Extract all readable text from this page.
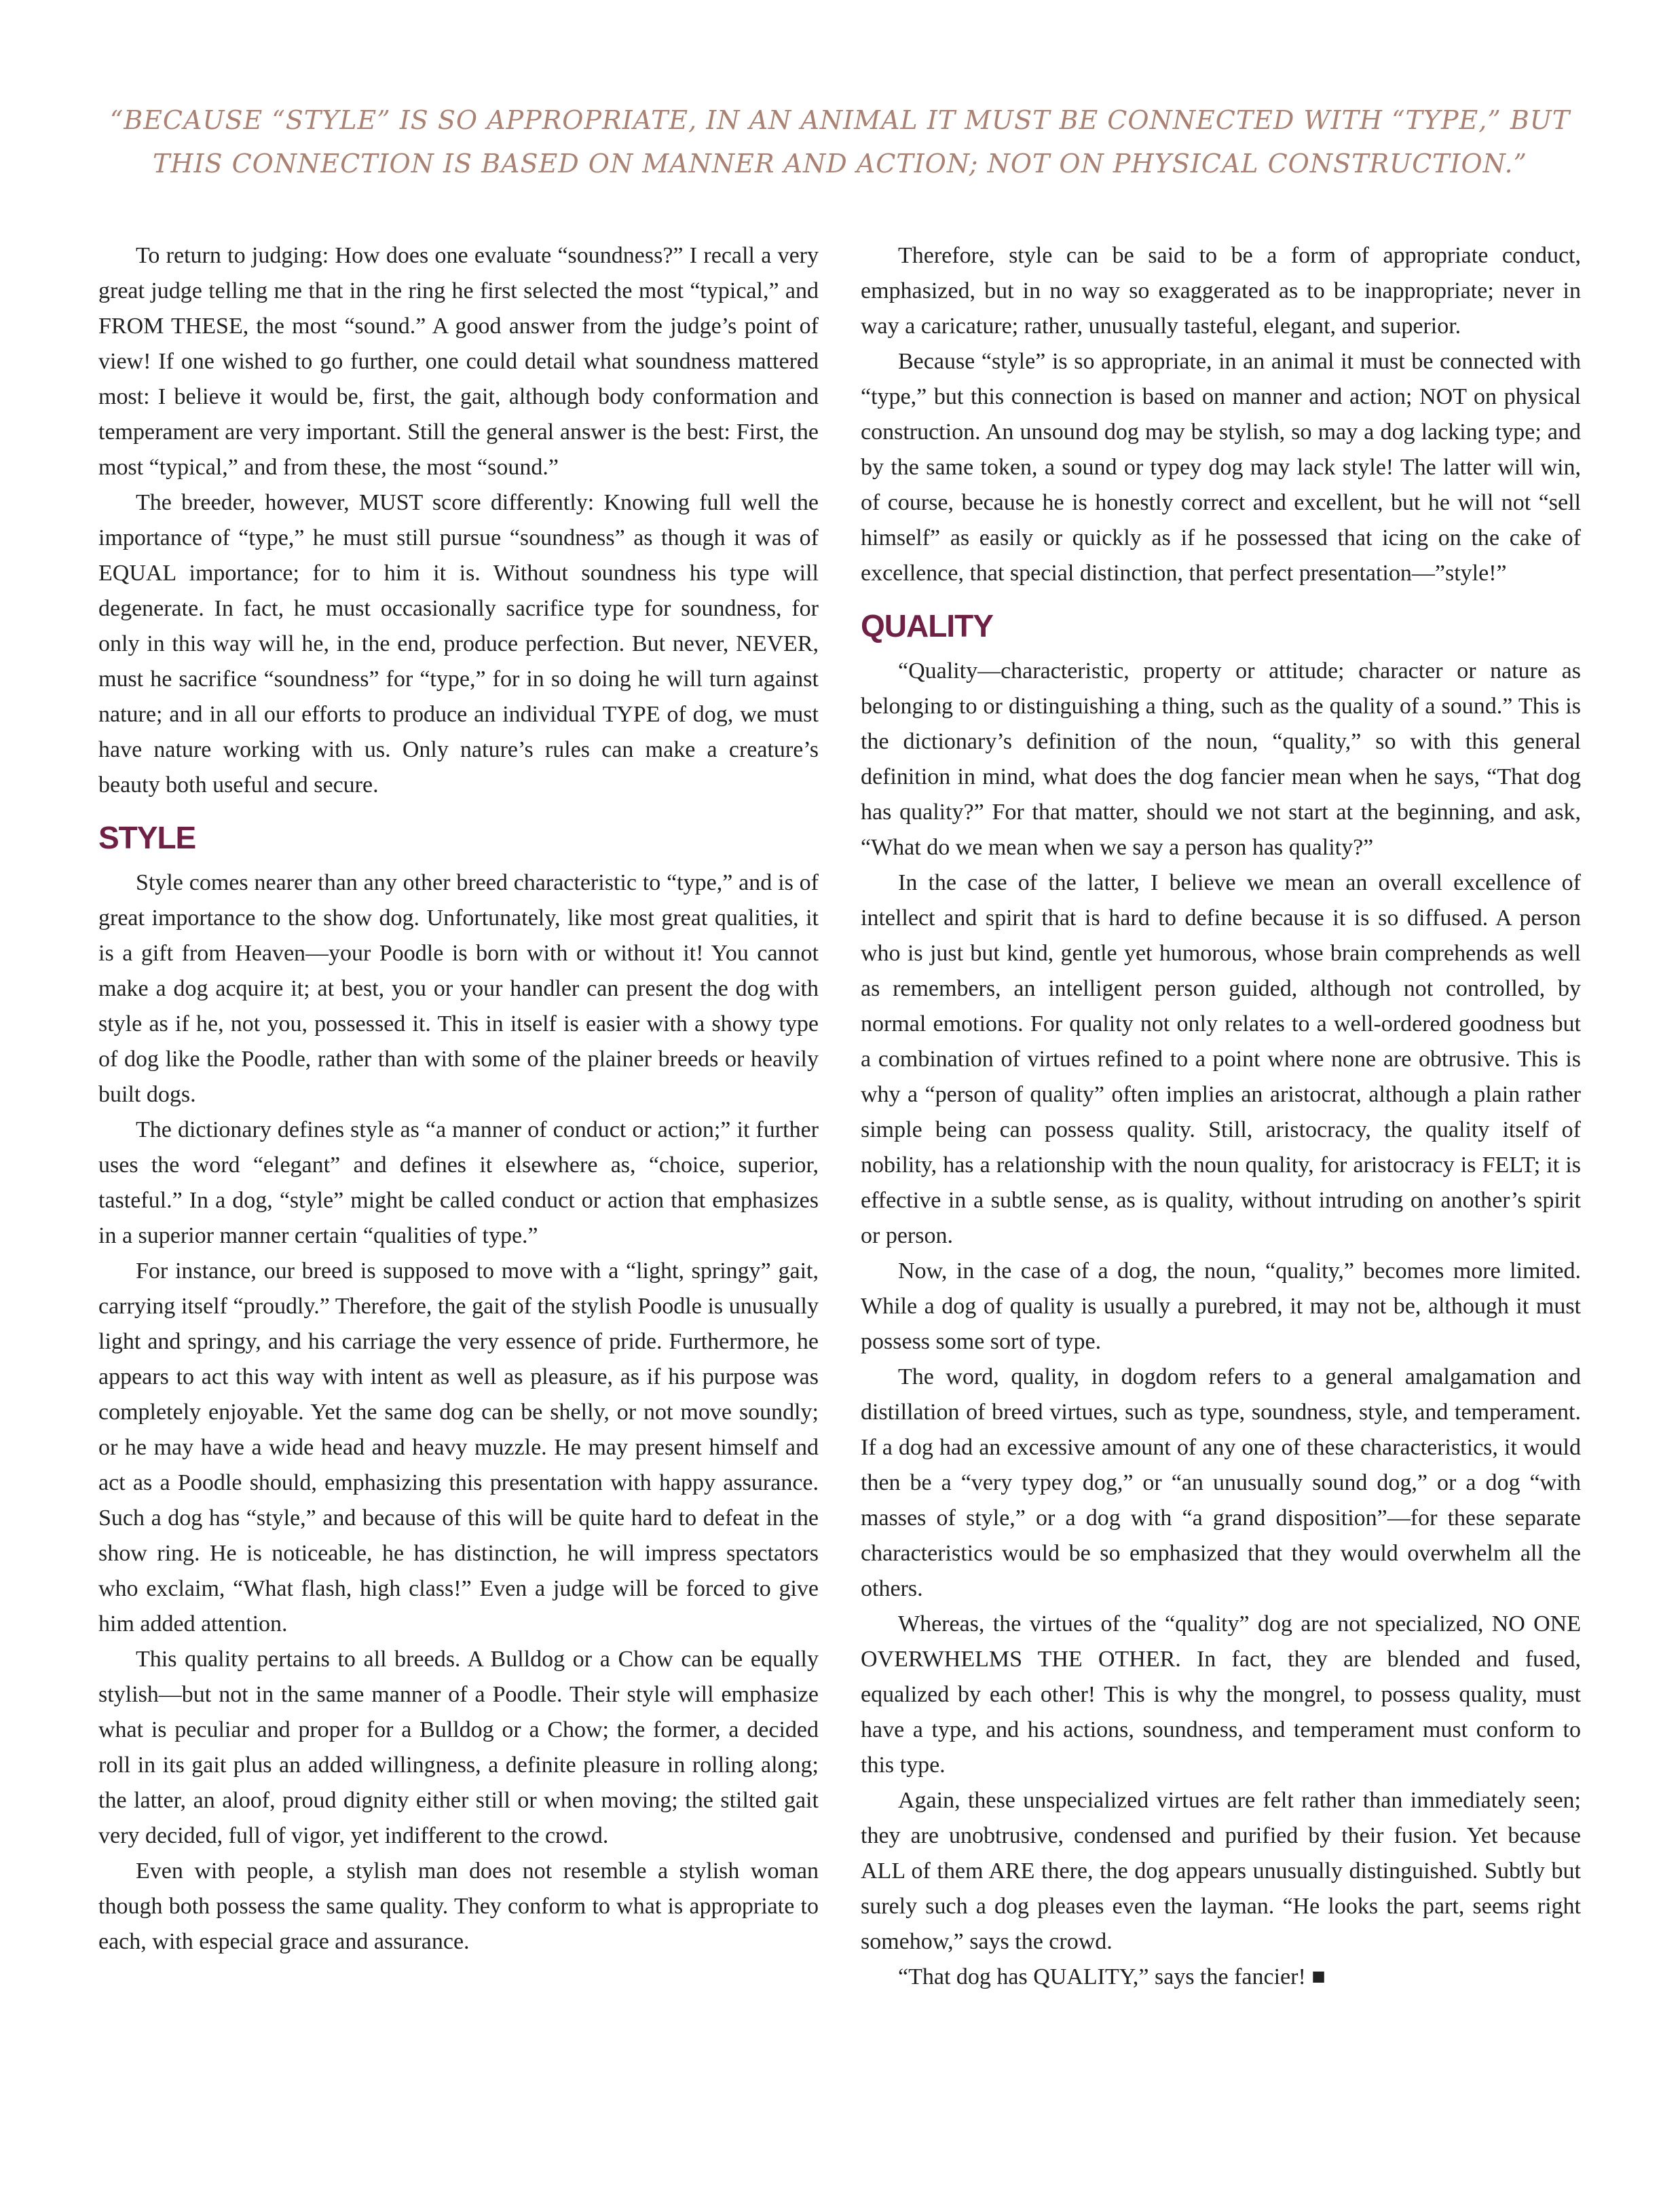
“BECAUSE “STYLE” IS SO APPROPRIATE, IN AN ANIMAL IT MUST BE CONNECTED WITH “TYPE,” BUT
THIS CONNECTION IS BASED ON MANNER AND ACTION; NOT ON PHYSICAL CONSTRUCTION.”

To return to judging: How does one evaluate “soundness?” I recall a very great judge telling me that in the ring he first selected the most “typical,” and FROM THESE, the most “sound.” A good answer from the judge’s point of view! If one wished to go further, one could detail what soundness mattered most: I believe it would be, first, the gait, although body conformation and temperament are very important. Still the general answer is the best: First, the most “typical,” and from these, the most “sound.”

The breeder, however, MUST score differently: Knowing full well the importance of “type,” he must still pursue “soundness” as though it was of EQUAL importance; for to him it is. Without soundness his type will degenerate. In fact, he must occasionally sacrifice type for soundness, for only in this way will he, in the end, produce perfection. But never, NEVER, must he sacrifice “soundness” for “type,” for in so doing he will turn against nature; and in all our efforts to produce an individual TYPE of dog, we must have nature working with us. Only nature’s rules can make a creature’s beauty both useful and secure.

STYLE

Style comes nearer than any other breed characteristic to “type,” and is of great importance to the show dog. Unfortunately, like most great qualities, it is a gift from Heaven—your Poodle is born with or without it! You cannot make a dog acquire it; at best, you or your handler can present the dog with style as if he, not you, possessed it. This in itself is easier with a showy type of dog like the Poodle, rather than with some of the plainer breeds or heavily built dogs.

The dictionary defines style as “a manner of conduct or action;” it further uses the word “elegant” and defines it elsewhere as, “choice, superior, tasteful.” In a dog, “style” might be called conduct or action that emphasizes in a superior manner certain “qualities of type.”

For instance, our breed is supposed to move with a “light, springy” gait, carrying itself “proudly.” Therefore, the gait of the stylish Poodle is unusually light and springy, and his carriage the very essence of pride. Furthermore, he appears to act this way with intent as well as pleasure, as if his purpose was completely enjoyable. Yet the same dog can be shelly, or not move soundly; or he may have a wide head and heavy muzzle. He may present himself and act as a Poodle should, emphasizing this presentation with happy assurance. Such a dog has “style,” and because of this will be quite hard to defeat in the show ring. He is noticeable, he has distinction, he will impress spectators who exclaim, “What flash, high class!” Even a judge will be forced to give him added attention.

This quality pertains to all breeds. A Bulldog or a Chow can be equally stylish—but not in the same manner of a Poodle. Their style will emphasize what is peculiar and proper for a Bulldog or a Chow; the former, a decided roll in its gait plus an added willingness, a definite pleasure in rolling along; the latter, an aloof, proud dignity either still or when moving; the stilted gait very decided, full of vigor, yet indifferent to the crowd.

Even with people, a stylish man does not resemble a stylish woman though both possess the same quality. They conform to what is appropriate to each, with especial grace and assurance.

Therefore, style can be said to be a form of appropriate conduct, emphasized, but in no way so exaggerated as to be inappropriate; never in way a caricature; rather, unusually tasteful, elegant, and superior.

Because “style” is so appropriate, in an animal it must be connected with “type,” but this connection is based on manner and action; NOT on physical construction. An unsound dog may be stylish, so may a dog lacking type; and by the same token, a sound or typey dog may lack style! The latter will win, of course, because he is honestly correct and excellent, but he will not “sell himself” as easily or quickly as if he possessed that icing on the cake of excellence, that special distinction, that perfect presentation—”style!”

QUALITY

“Quality—characteristic, property or attitude; character or nature as belonging to or distinguishing a thing, such as the quality of a sound.” This is the dictionary’s definition of the noun, “quality,” so with this general definition in mind, what does the dog fancier mean when he says, “That dog has quality?” For that matter, should we not start at the beginning, and ask, “What do we mean when we say a person has quality?”

In the case of the latter, I believe we mean an overall excellence of intellect and spirit that is hard to define because it is so diffused. A person who is just but kind, gentle yet humorous, whose brain comprehends as well as remembers, an intelligent person guided, although not controlled, by normal emotions. For quality not only relates to a well-ordered goodness but a combination of virtues refined to a point where none are obtrusive. This is why a “person of quality” often implies an aristocrat, although a plain rather simple being can possess quality. Still, aristocracy, the quality itself of nobility, has a relationship with the noun quality, for aristocracy is FELT; it is effective in a subtle sense, as is quality, without intruding on another’s spirit or person.

Now, in the case of a dog, the noun, “quality,” becomes more limited. While a dog of quality is usually a purebred, it may not be, although it must possess some sort of type.

The word, quality, in dogdom refers to a general amalgamation and distillation of breed virtues, such as type, soundness, style, and temperament. If a dog had an excessive amount of any one of these characteristics, it would then be a “very typey dog,” or “an unusually sound dog,” or a dog “with masses of style,” or a dog with “a grand disposition”—for these separate characteristics would be so emphasized that they would overwhelm all the others.

Whereas, the virtues of the “quality” dog are not specialized, NO ONE OVERWHELMS THE OTHER. In fact, they are blended and fused, equalized by each other! This is why the mongrel, to possess quality, must have a type, and his actions, soundness, and temperament must conform to this type.

Again, these unspecialized virtues are felt rather than immediately seen; they are unobtrusive, condensed and purified by their fusion. Yet because ALL of them ARE there, the dog appears unusually distinguished. Subtly but surely such a dog pleases even the layman. “He looks the part, seems right somehow,” says the crowd.

“That dog has QUALITY,” says the fancier! ■
